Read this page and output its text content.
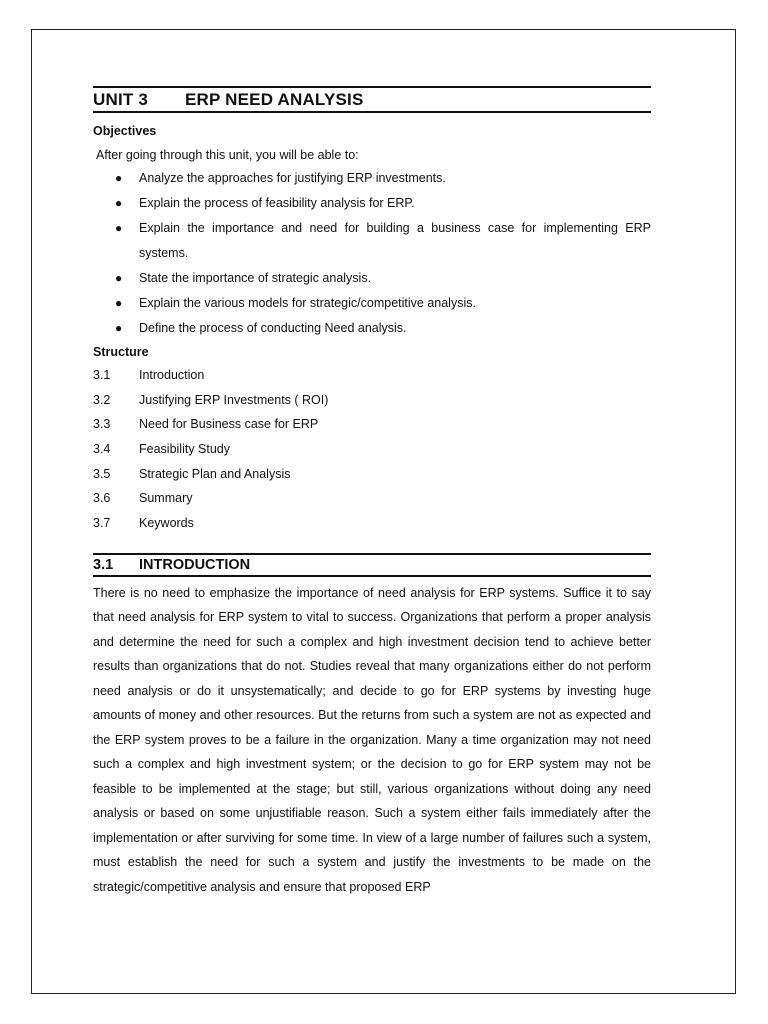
UNIT 3	ERP NEED ANALYSIS
Objectives
After going through this unit, you will be able to:
● Analyze the approaches for justifying ERP investments.
● Explain the process of feasibility analysis for ERP.
● Explain the importance and need for building a business case for implementing ERP systems.
● State the importance of strategic analysis.
● Explain the various models for strategic/competitive analysis.
● Define the process of conducting Need analysis.
Structure
3.1	Introduction
3.2	Justifying ERP Investments ( ROI)
3.3	Need for Business case for ERP
3.4	Feasibility Study
3.5	Strategic Plan and Analysis
3.6	Summary
3.7	Keywords
3.1	INTRODUCTION

There is no need to emphasize the importance of need analysis for ERP systems. Suffice it to say that need analysis for ERP system to vital to success. Organizations that perform a proper analysis and determine the need for such a complex and high investment decision tend to achieve better results than organizations that do not. Studies reveal that many organizations either do not perform need analysis or do it unsystematically; and decide to go for ERP systems by investing huge amounts of money and other resources. But the returns from such a system are not as expected and the ERP system proves to be a failure in the organization. Many a time organization may not need such a complex and high investment system; or the decision to go for ERP system may not be feasible to be implemented at the stage; but still, various organizations without doing any need analysis or based on some unjustifiable reason. Such a system either fails immediately after the implementation or after surviving for some time. In view of a large number of failures such a system, must establish the need for such a system and justify the investments to be made on the strategic/competitive analysis and ensure that proposed ERP
